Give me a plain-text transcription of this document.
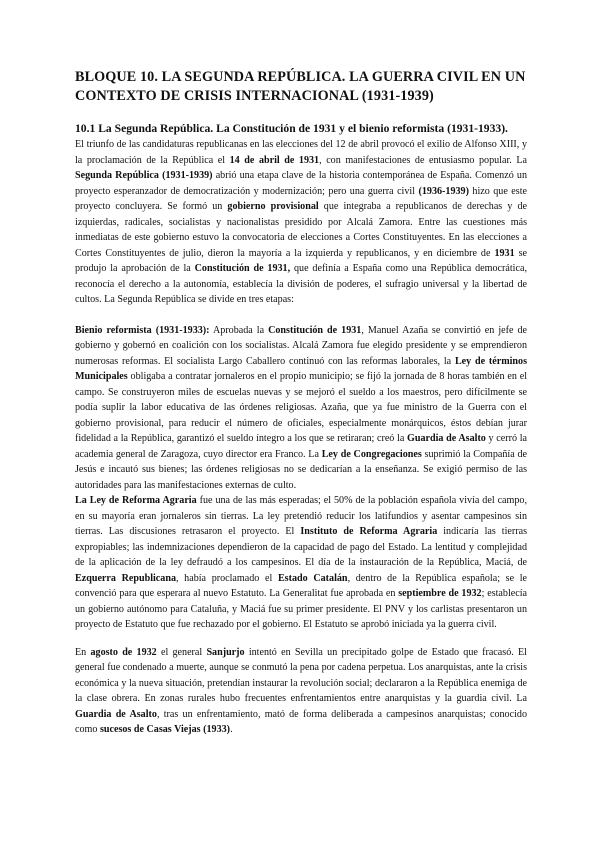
BLOQUE 10. LA SEGUNDA REPÚBLICA. LA GUERRA CIVIL EN UN CONTEXTO DE CRISIS INTERNACIONAL (1931-1939)
10.1 La Segunda República. La Constitución de 1931 y el bienio reformista (1931-1933).

El triunfo de las candidaturas republicanas en las elecciones del 12 de abril provocó el exilio de Alfonso XIII, y la proclamación de la República el 14 de abril de 1931, con manifestaciones de entusiasmo popular. La Segunda República (1931-1939) abrió una etapa clave de la historia contemporánea de España. Comenzó un proyecto esperanzador de democratización y modernización; pero una guerra civil (1936-1939) hizo que este proyecto concluyera. Se formó un gobierno provisional que integraba a republicanos de derechas y de izquierdas, radicales, socialistas y nacionalistas presidido por Alcalá Zamora. Entre las cuestiones más inmediatas de este gobierno estuvo la convocatoria de elecciones a Cortes Constituyentes. En las elecciones a Cortes Constituyentes de julio, dieron la mayoría a la izquierda y republicanos, y en diciembre de 1931 se produjo la aprobación de la Constitución de 1931, que definía a España como una República democrática, reconocía el derecho a la autonomía, establecía la división de poderes, el sufragio universal y la libertad de cultos. La Segunda República se divide en tres etapas:

Bienio reformista (1931-1933): Aprobada la Constitución de 1931, Manuel Azaña se convirtió en jefe de gobierno y gobernó en coalición con los socialistas. Alcalá Zamora fue elegido presidente y se emprendieron numerosas reformas. El socialista Largo Caballero continuó con las reformas laborales, la Ley de términos Municipales obligaba a contratar jornaleros en el propio municipio; se fijó la jornada de 8 horas también en el campo. Se construyeron miles de escuelas nuevas y se mejoró el sueldo a los maestros, pero difícilmente se podía suplir la labor educativa de las órdenes religiosas. Azaña, que ya fue ministro de la Guerra con el gobierno provisional, para reducir el número de oficiales, especialmente monárquicos, éstos debían jurar fidelidad a la República, garantizó el sueldo íntegro a los que se retiraran; creó la Guardia de Asalto y cerró la academia general de Zaragoza, cuyo director era Franco. La Ley de Congregaciones suprimió la Compañía de Jesús e incautó sus bienes; las órdenes religiosas no se dedicarían a la enseñanza. Se exigió permiso de las autoridades para las manifestaciones externas de culto.

La Ley de Reforma Agraria fue una de las más esperadas; el 50% de la población española vivía del campo, en su mayoría eran jornaleros sin tierras. La ley pretendió reducir los latifundios y asentar campesinos sin tierras. Las discusiones retrasaron el proyecto. El Instituto de Reforma Agraria indicaría las tierras expropiables; las indemnizaciones dependieron de la capacidad de pago del Estado. La lentitud y complejidad de la aplicación de la ley defraudó a los campesinos. El día de la instauración de la República, Maciá, de Ezquerra Republicana, había proclamado el Estado Catalán, dentro de la República española; se le convenció para que esperara al nuevo Estatuto. La Generalitat fue aprobada en septiembre de 1932; establecía un gobierno autónomo para Cataluña, y Maciá fue su primer presidente. El PNV y los carlistas presentaron un proyecto de Estatuto que fue rechazado por el gobierno. El Estatuto se aprobó iniciada ya la guerra civil.

En agosto de 1932 el general Sanjurjo intentó en Sevilla un precipitado golpe de Estado que fracasó. El general fue condenado a muerte, aunque se conmutó la pena por cadena perpetua. Los anarquistas, ante la crisis económica y la nueva situación, pretendían instaurar la revolución social; declararon a la República enemiga de la clase obrera. En zonas rurales hubo frecuentes enfrentamientos entre anarquistas y la guardia civil. La Guardia de Asalto, tras un enfrentamiento, mató de forma deliberada a campesinos anarquistas; conocido como sucesos de Casas Viejas (1933).
